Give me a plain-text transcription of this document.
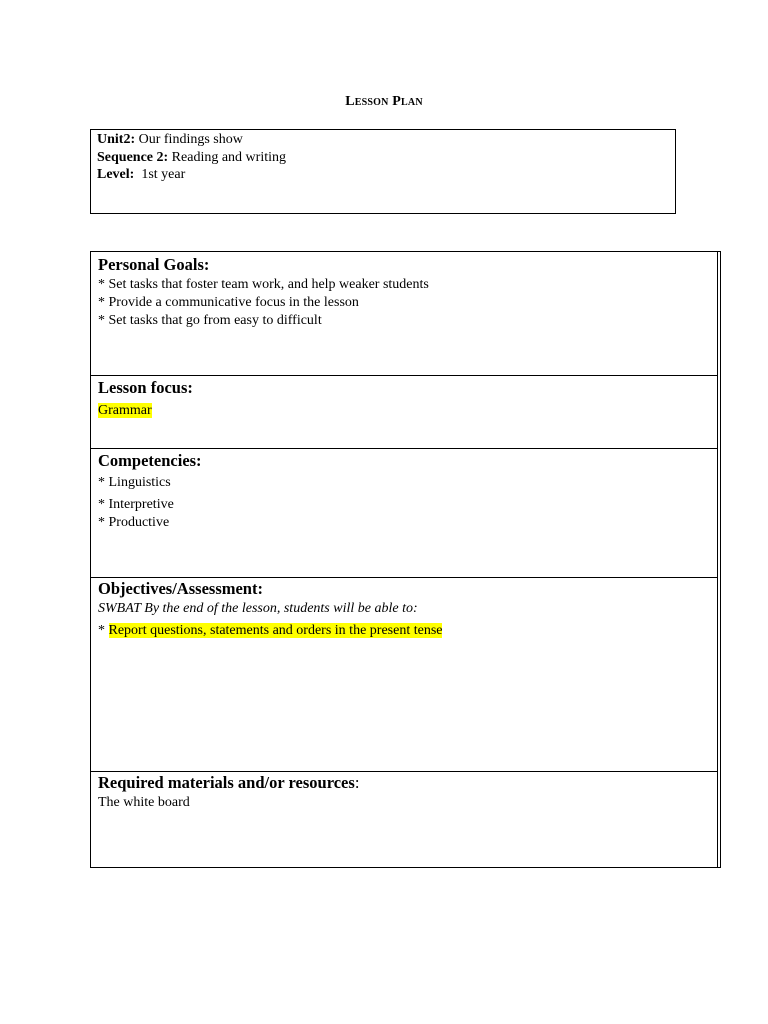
Lesson Plan
Unit2: Our findings show
Sequence 2: Reading and writing
Level:  1st year
Personal Goals:
* Set tasks that foster team work, and help weaker students
* Provide a communicative focus in the lesson
* Set tasks that go from easy to difficult
Lesson focus:
Grammar
Competencies:
* Linguistics
* Interpretive
* Productive
Objectives/Assessment:
SWBAT By the end of the lesson, students will be able to:
* Report questions, statements and orders in the present tense
Required materials and/or resources:
The white board
